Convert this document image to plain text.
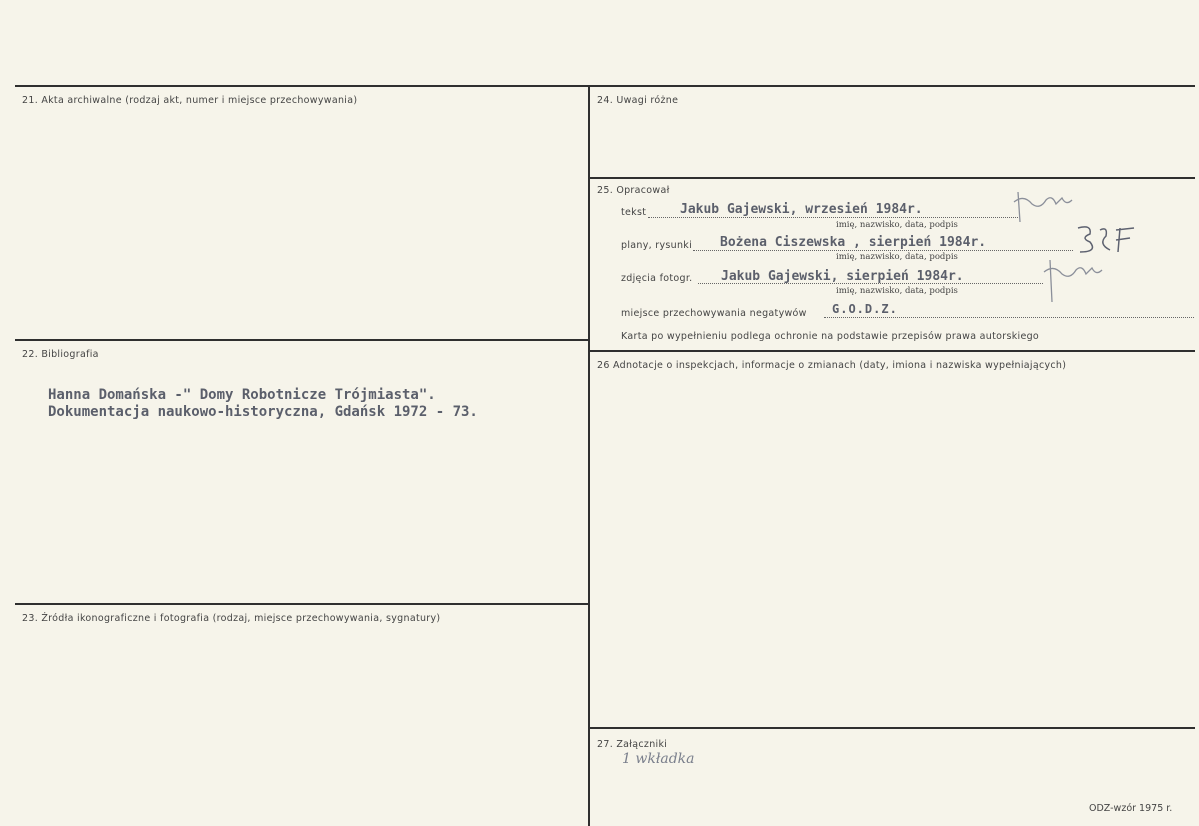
21. Akta archiwalne (rodzaj akt, numer i miejsce przechowywania)
22. Bibliografia
Hanna Domańska -" Domy Robotnicze Trójmiasta".
Dokumentacja naukowo-historyczna, Gdańsk 1972 - 73.
23. Źródła ikonograficzne i fotografia (rodzaj, miejsce przechowywania, sygnatury)
24. Uwagi różne
25. Opracował
tekst	Jakub Gajewski, wrzesień 1984r.
imię, nazwisko, data, podpis
plany, rysunki Bożena Ciszewska , sierpień 1984r.
imię, nazwisko, data, podpis
zdjęcia fotogr. Jakub Gajewski, sierpień 1984r.
imię, nazwisko, data, podpis
miejsce przechowywania negatywów G.O.D.Z.
Karta po wypełnieniu podlega ochronie na podstawie przepisów prawa autorskiego
26 Adnotacje o inspekcjach, informacje o zmianach (daty, imiona i nazwiska wypełniających)
27. Załączniki
1 wkładka
ODZ-wzór 1975 r.
